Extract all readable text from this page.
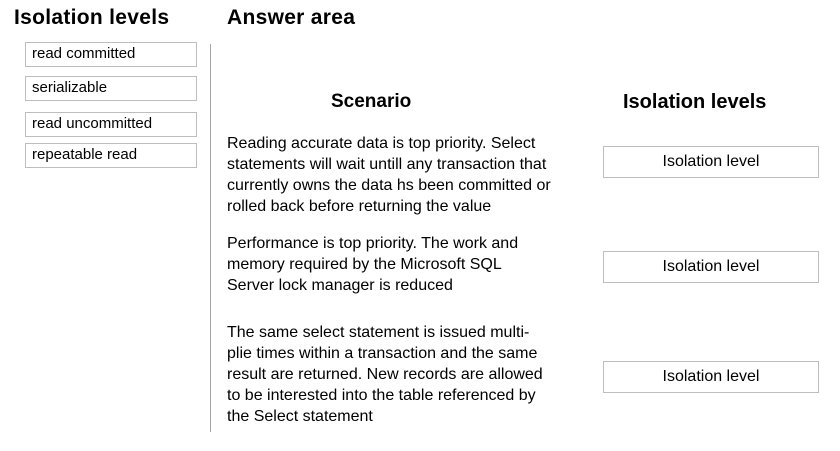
Isolation levels
read committed
serializable
read uncommitted
repeatable read
Answer area
Scenario	Isolation levels
Reading accurate data is top priority. Select
statements will wait untill any transaction that
currently owns the data hs been committed or
rolled back before returning the value
Isolation level
Performance is top priority. The work and
memory required by the Microsoft SQL
Server lock manager is reduced
Isolation level
The same select statement is issued multi-
plie times within a transaction and the same
result are returned. New records are allowed
to be interested into the table referenced by
the Select statement
Isolation level
